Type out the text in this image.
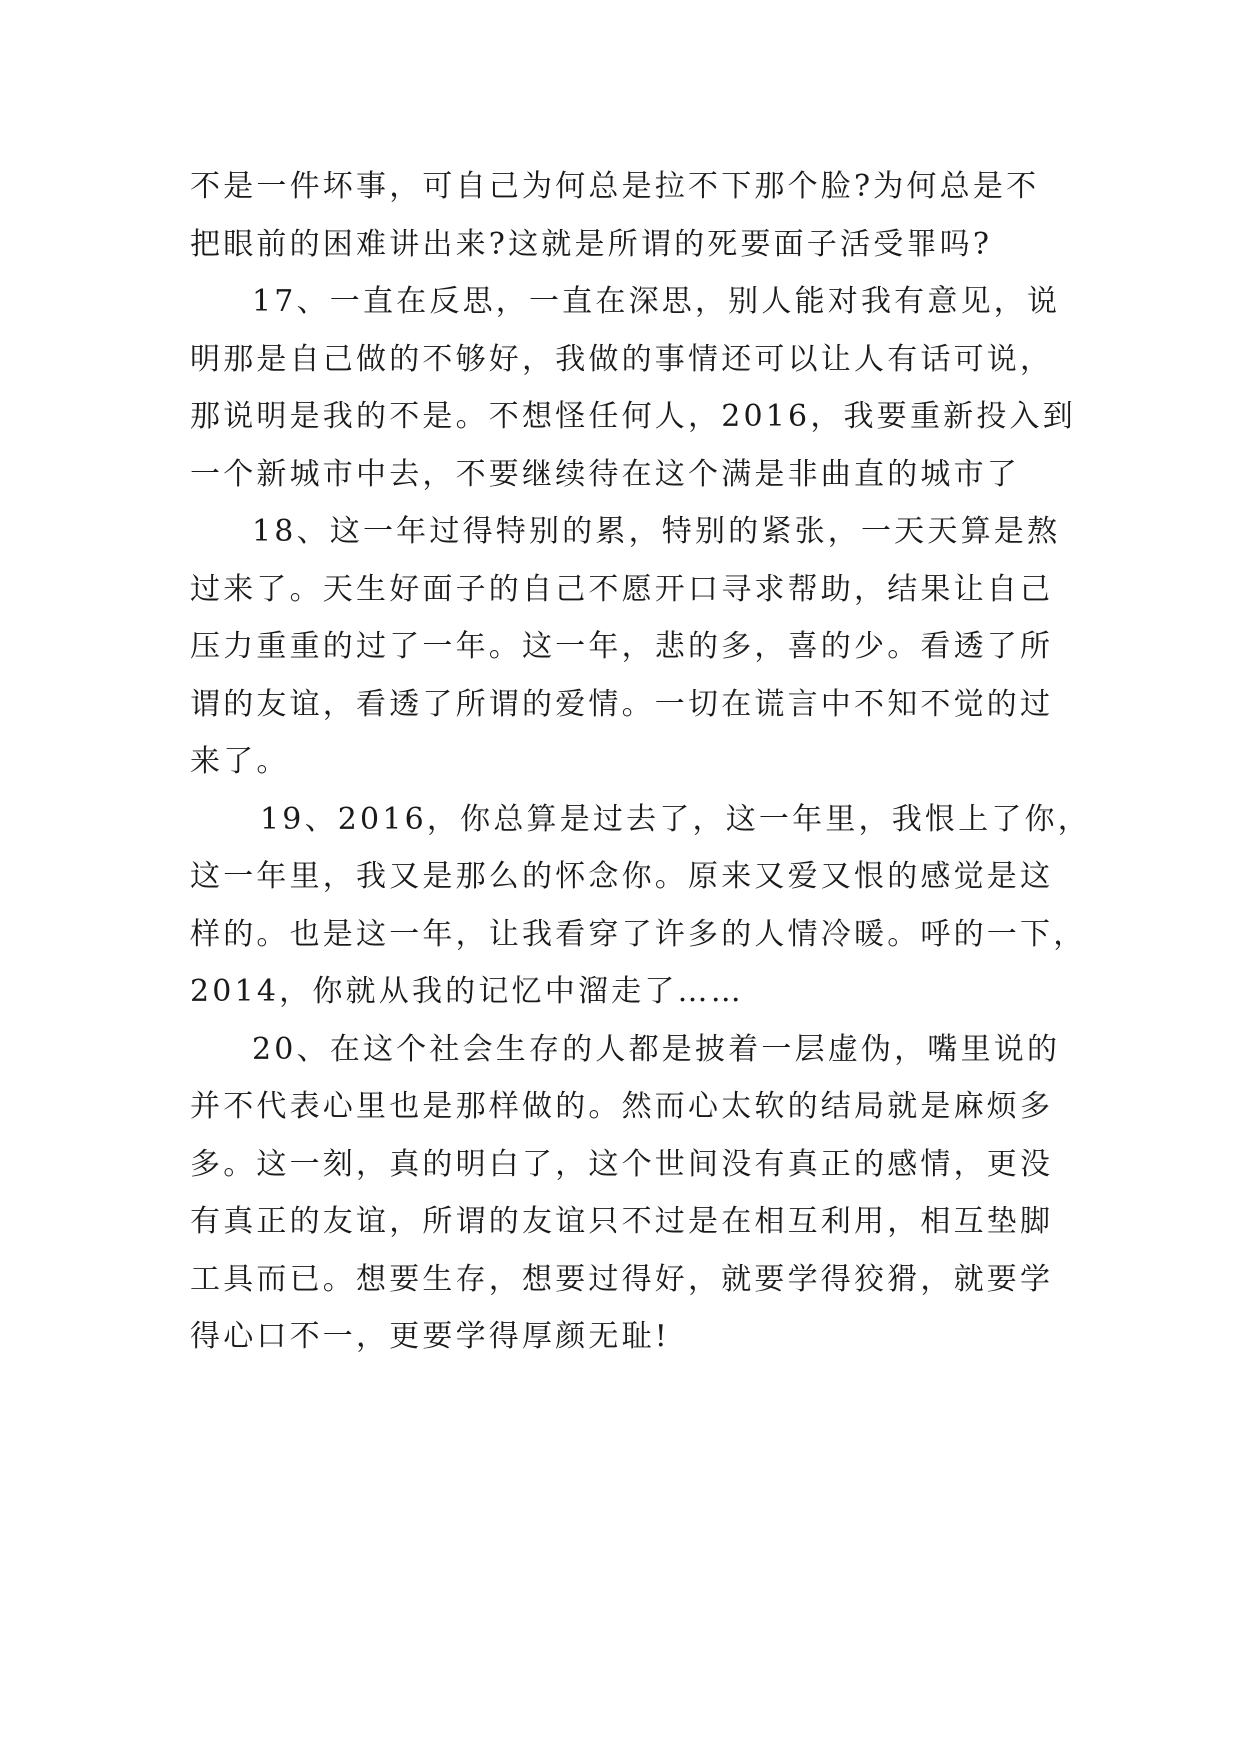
不是一件坏事，可自己为何总是拉不下那个脸?为何总是不
把眼前的困难讲出来?这就是所谓的死要面子活受罪吗?

17、一直在反思，一直在深思，别人能对我有意见，说
明那是自己做的不够好，我做的事情还可以让人有话可说，
那说明是我的不是。不想怪任何人，2016，我要重新投入到
一个新城市中去，不要继续待在这个满是非曲直的城市了

18、这一年过得特别的累，特别的紧张，一天天算是熬
过来了。天生好面子的自己不愿开口寻求帮助，结果让自己
压力重重的过了一年。这一年，悲的多，喜的少。看透了所
谓的友谊，看透了所谓的爱情。一切在谎言中不知不觉的过
来了。

19、2016，你总算是过去了，这一年里，我恨上了你，
这一年里，我又是那么的怀念你。原来又爱又恨的感觉是这
样的。也是这一年，让我看穿了许多的人情冷暖。呼的一下，
2014，你就从我的记忆中溜走了……

20、在这个社会生存的人都是披着一层虚伪，嘴里说的
并不代表心里也是那样做的。然而心太软的结局就是麻烦多
多。这一刻，真的明白了，这个世间没有真正的感情，更没
有真正的友谊，所谓的友谊只不过是在相互利用，相互垫脚
工具而已。想要生存，想要过得好，就要学得狡猾，就要学
得心口不一，更要学得厚颜无耻!
